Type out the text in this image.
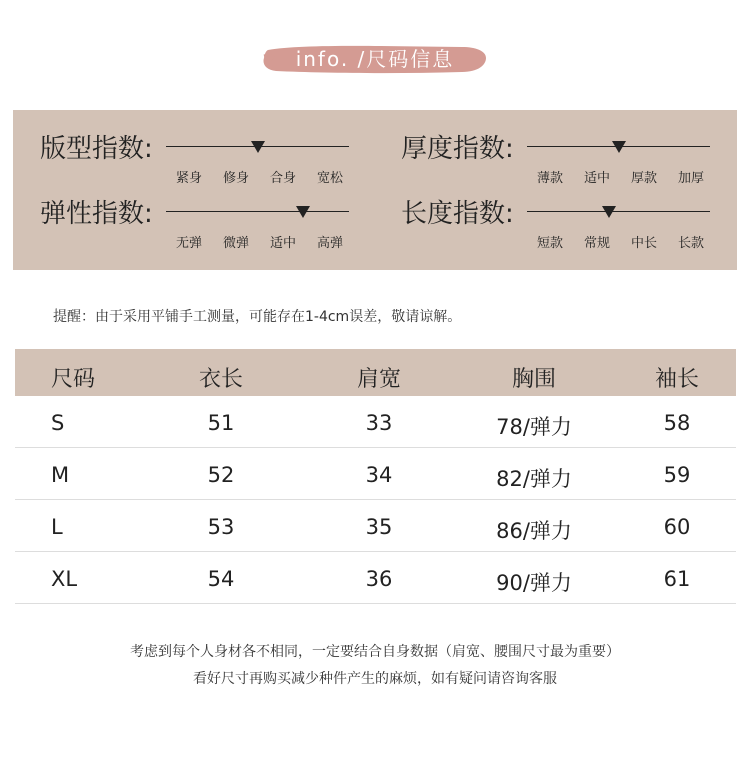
info. /尺码信息
版型指数:
紧身 修身 合身 宽松
厚度指数:
薄款 适中 厚款 加厚
弹性指数:
无弹 微弹 适中 高弹
长度指数:
短款 常规 中长 长款
提醒：由于采用平铺手工测量，可能存在1-4cm误差，敬请谅解。
尺码	衣长	肩宽	胸围	袖长
S	51	33	78/弹力	58
M	52	34	82/弹力	59
L	53	35	86/弹力	60
XL	54	36	90/弹力	61
考虑到每个人身材各不相同，一定要结合自身数据（肩宽、腰围尺寸最为重要）
看好尺寸再购买减少种件产生的麻烦，如有疑问请咨询客服
